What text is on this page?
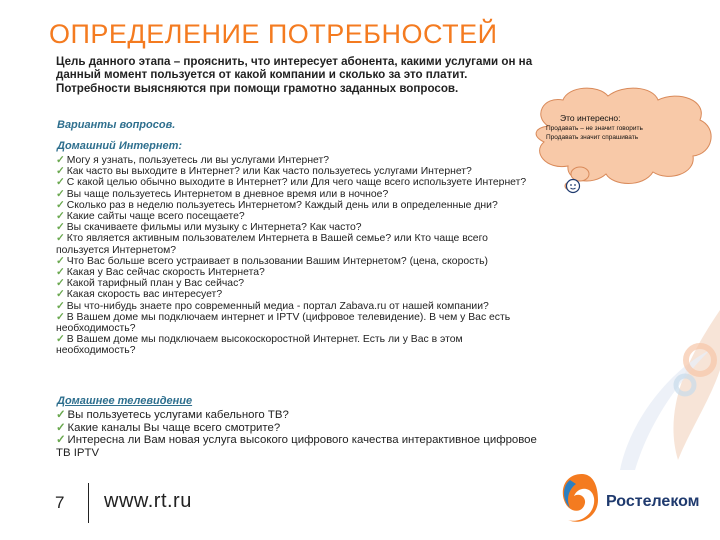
ОПРЕДЕЛЕНИЕ ПОТРЕБНОСТЕЙ
Цель данного этапа – прояснить, что интересует абонента, какими услугами он на данный момент пользуется от какой компании и сколько за это платит. Потребности выясняются при помощи грамотно заданных вопросов.
Это интересно:
Продавать – не значит говорить
Продавать значит спрашивать
Варианты вопросов.
Домашний Интернет:
✓ Могу я узнать, пользуетесь ли вы услугами Интернет?
✓ Как часто вы выходите в Интернет? или Как часто пользуетесь услугами Интернет?
✓ С какой целью обычно выходите в Интернет? или Для чего чаще всего используете Интернет?
✓ Вы чаще пользуетесь Интернетом в дневное время или в ночное?
✓ Сколько раз в неделю пользуетесь Интернетом? Каждый день или в определенные дни?
✓ Какие сайты чаще всего посещаете?
✓ Вы скачиваете фильмы или музыку с Интернета? Как часто?
✓ Кто является активным пользователем Интернета в Вашей семье? или Кто чаще всего пользуется Интернетом?
✓ Что Вас больше всего устраивает в пользовании Вашим Интернетом? (цена, скорость)
✓ Какая у Вас сейчас скорость Интернета?
✓ Какой тарифный план у Вас сейчас?
✓ Какая скорость вас интересует?
✓ Вы что-нибудь знаете про современный медиа - портал Zabava.ru от нашей компании?
✓ В Вашем доме мы подключаем интернет и IPTV (цифровое телевидение). В чем у Вас есть необходимость?
✓ В Вашем доме мы подключаем высокоскоростной Интернет. Есть ли у Вас в этом необходимость?
Домашнее телевидение
✓ Вы пользуетесь услугами кабельного ТВ?
✓ Какие каналы Вы чаще всего смотрите?
✓ Интересна ли Вам новая услуга высокого цифрового качества интерактивное цифровое ТВ IPTV
7 www.rt.ru	Ростелеком
